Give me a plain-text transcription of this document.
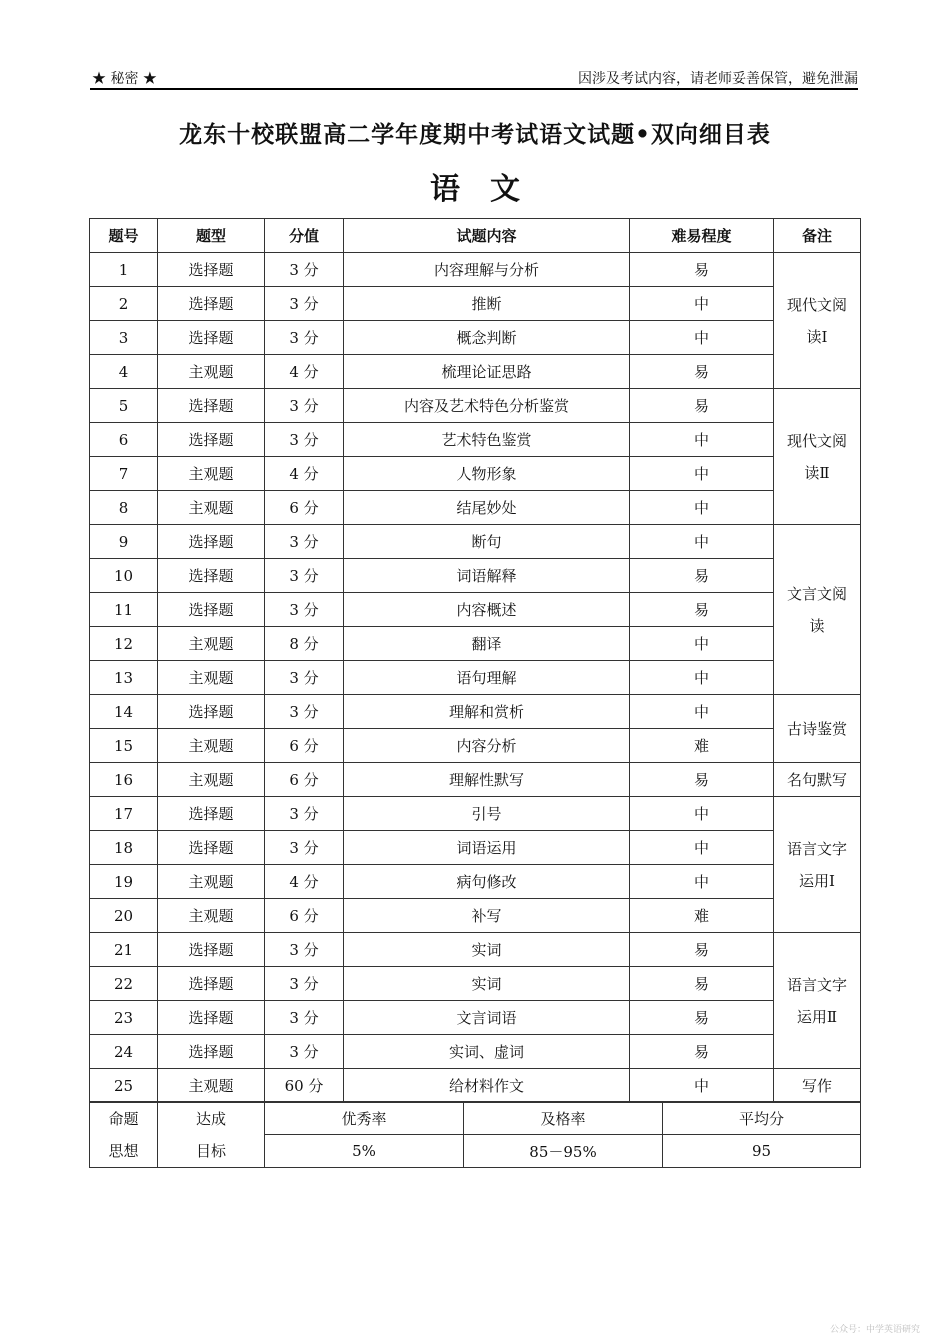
★ 秘密 ★	因涉及考试内容，请老师妥善保管，避免泄漏
龙东十校联盟高二学年度期中考试语文试题•双向细目表
语　文
题号	题型	分值	试题内容	难易程度	备注
1	选择题	3 分	内容理解与分析	易	现代文阅读Ⅰ
2	选择题	3 分	推断	中	
3	选择题	3 分	概念判断	中	
4	主观题	4 分	梳理论证思路	易	
5	选择题	3 分	内容及艺术特色分析鉴赏	易	现代文阅读Ⅱ
6	选择题	3 分	艺术特色鉴赏	中	
7	主观题	4 分	人物形象	中	
8	主观题	6 分	结尾妙处	中	
9	选择题	3 分	断句	中	文言文阅读
10	选择题	3 分	词语解释	易	
11	选择题	3 分	内容概述	易	
12	主观题	8 分	翻译	中	
13	主观题	3 分	语句理解	中	
14	选择题	3 分	理解和赏析	中	古诗鉴赏
15	主观题	6 分	内容分析	难	
16	主观题	6 分	理解性默写	易	名句默写
17	选择题	3 分	引号	中	语言文字运用Ⅰ
18	选择题	3 分	词语运用	中	
19	主观题	4 分	病句修改	中	
20	主观题	6 分	补写	难	
21	选择题	3 分	实词	易	语言文字运用Ⅱ
22	选择题	3 分	实词	易	
23	选择题	3 分	文言词语	易	
24	选择题	3 分	实词、虚词	易	
25	主观题	60 分	给材料作文	中	写作
命题	达成	优秀率	及格率	平均分
思想	目标	5%	85－95%	95
公众号：中学英语研究
